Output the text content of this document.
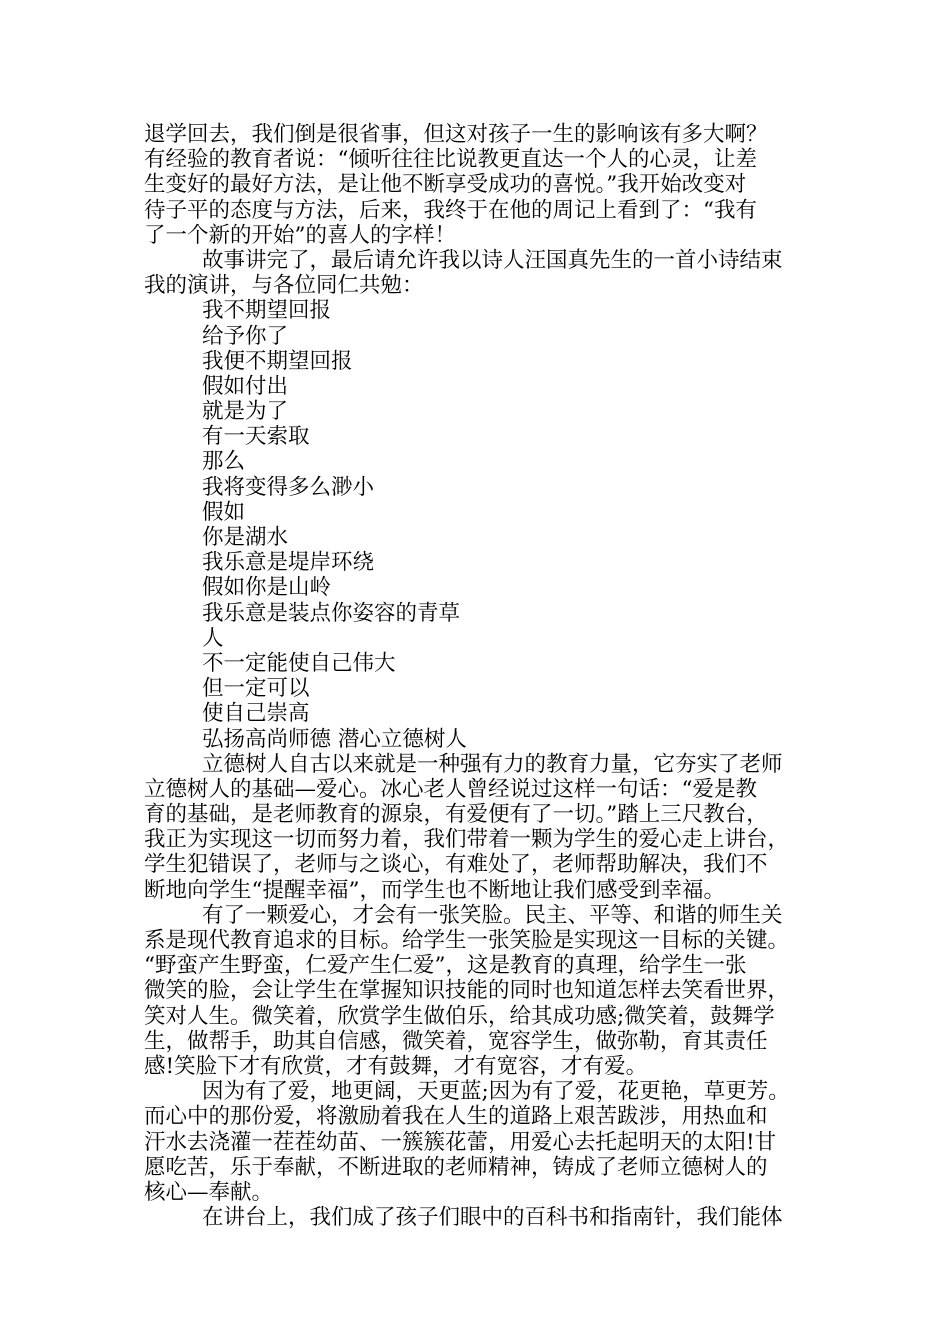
退学回去，我们倒是很省事，但这对孩子一生的影响该有多大啊？
有经验的教育者说：“倾听往往比说教更直达一个人的心灵，让差
生变好的最好方法，是让他不断享受成功的喜悦。”我开始改变对
待子平的态度与方法，后来，我终于在他的周记上看到了：“我有
了一个新的开始”的喜人的字样！
故事讲完了，最后请允许我以诗人汪国真先生的一首小诗结束
我的演讲，与各位同仁共勉：
我不期望回报
给予你了
我便不期望回报
假如付出
就是为了
有一天索取
那么
我将变得多么渺小
假如
你是湖水
我乐意是堤岸环绕
假如你是山岭
我乐意是装点你姿容的青草
人
不一定能使自己伟大
但一定可以
使自己崇高
弘扬高尚师德 潜心立德树人
立德树人自古以来就是一种强有力的教育力量，它夯实了老师
立德树人的基础—爱心。冰心老人曾经说过这样一句话：“爱是教
育的基础，是老师教育的源泉，有爱便有了一切。”踏上三尺教台，
我正为实现这一切而努力着，我们带着一颗为学生的爱心走上讲台，
学生犯错误了，老师与之谈心，有难处了，老师帮助解决，我们不
断地向学生“提醒幸福”，而学生也不断地让我们感受到幸福。
有了一颗爱心，才会有一张笑脸。民主、平等、和谐的师生关
系是现代教育追求的目标。给学生一张笑脸是实现这一目标的关键。
“野蛮产生野蛮，仁爱产生仁爱”，这是教育的真理，给学生一张
微笑的脸，会让学生在掌握知识技能的同时也知道怎样去笑看世界，
笑对人生。微笑着，欣赏学生做伯乐，给其成功感;微笑着，鼓舞学
生，做帮手，助其自信感，微笑着，宽容学生，做弥勒，育其责任
感!笑脸下才有欣赏，才有鼓舞，才有宽容，才有爱。
因为有了爱，地更阔，天更蓝;因为有了爱，花更艳，草更芳。
而心中的那份爱，将激励着我在人生的道路上艰苦跋涉，用热血和
汗水去浇灌一茬茬幼苗、一簇簇花蕾，用爱心去托起明天的太阳!甘
愿吃苦，乐于奉献，不断进取的老师精神，铸成了老师立德树人的
核心—奉献。
在讲台上，我们成了孩子们眼中的百科书和指南针，我们能体
